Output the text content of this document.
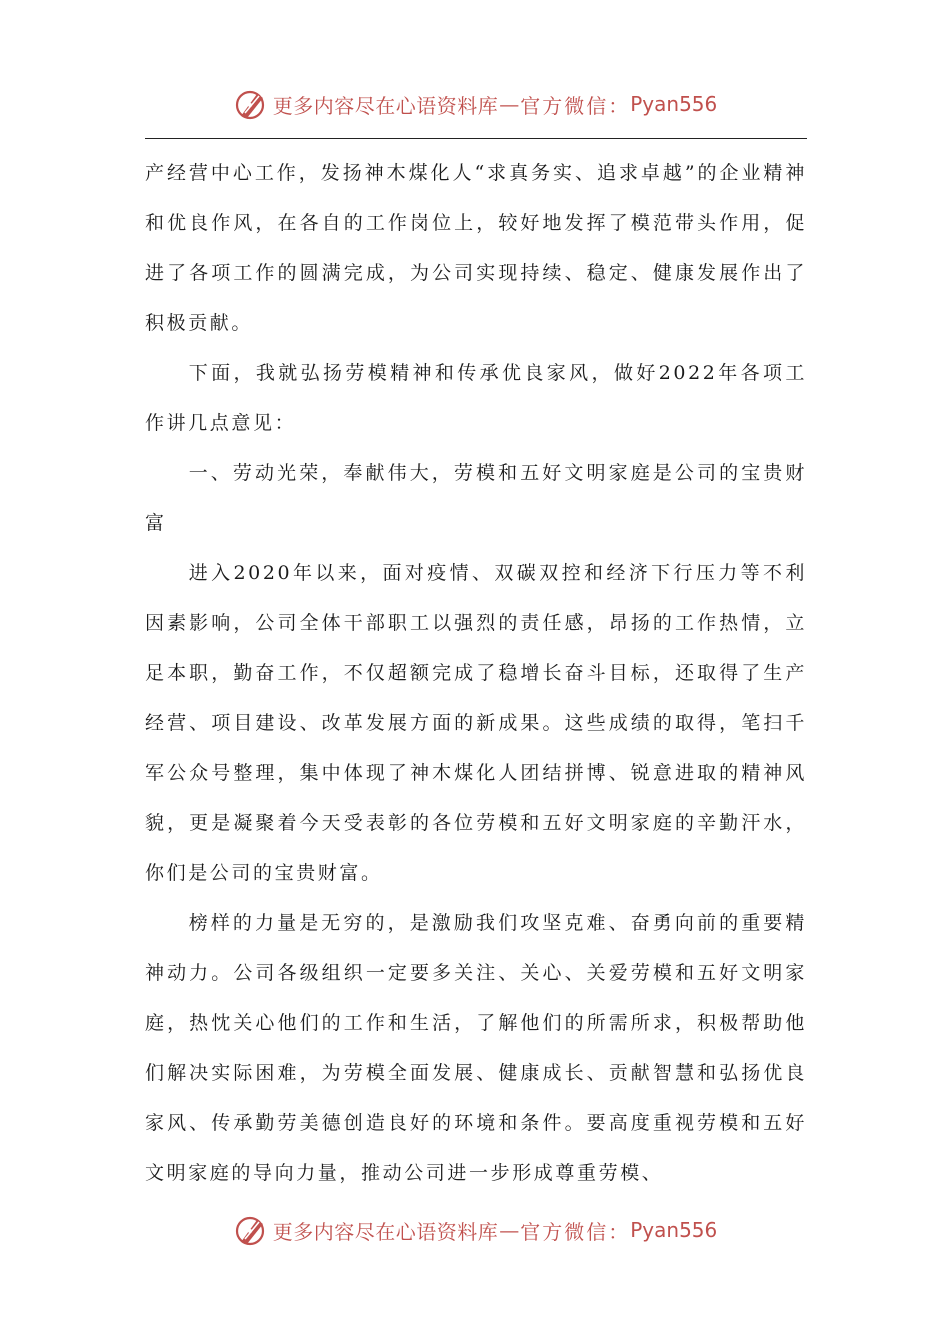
更多内容尽在心语资料库 — 官方微信： Pyan556

产经营中心工作，发扬神木煤化人“求真务实、追求卓越”的企业精神和优良作风，在各自的工作岗位上，较好地发挥了模范带头作用，促进了各项工作的圆满完成，为公司实现持续、稳定、健康发展作出了积极贡献。

下面，我就弘扬劳模精神和传承优良家风，做好2022年各项工作讲几点意见：

一、劳动光荣，奉献伟大，劳模和五好文明家庭是公司的宝贵财富

进入2020年以来，面对疫情、双碳双控和经济下行压力等不利因素影响，公司全体干部职工以强烈的责任感，昂扬的工作热情，立足本职，勤奋工作，不仅超额完成了稳增长奋斗目标，还取得了生产经营、项目建设、改革发展方面的新成果。这些成绩的取得，笔扫千军公众号整理，集中体现了神木煤化人团结拼博、锐意进取的精神风貌，更是凝聚着今天受表彰的各位劳模和五好文明家庭的辛勤汗水，你们是公司的宝贵财富。

榜样的力量是无穷的，是激励我们攻坚克难、奋勇向前的重要精神动力。公司各级组织一定要多关注、关心、关爱劳模和五好文明家庭，热忱关心他们的工作和生活，了解他们的所需所求，积极帮助他们解决实际困难，为劳模全面发展、健康成长、贡献智慧和弘扬优良家风、传承勤劳美德创造良好的环境和条件。要高度重视劳模和五好文明家庭的导向力量，推动公司进一步形成尊重劳模、

更多内容尽在心语资料库 — 官方微信： Pyan556
